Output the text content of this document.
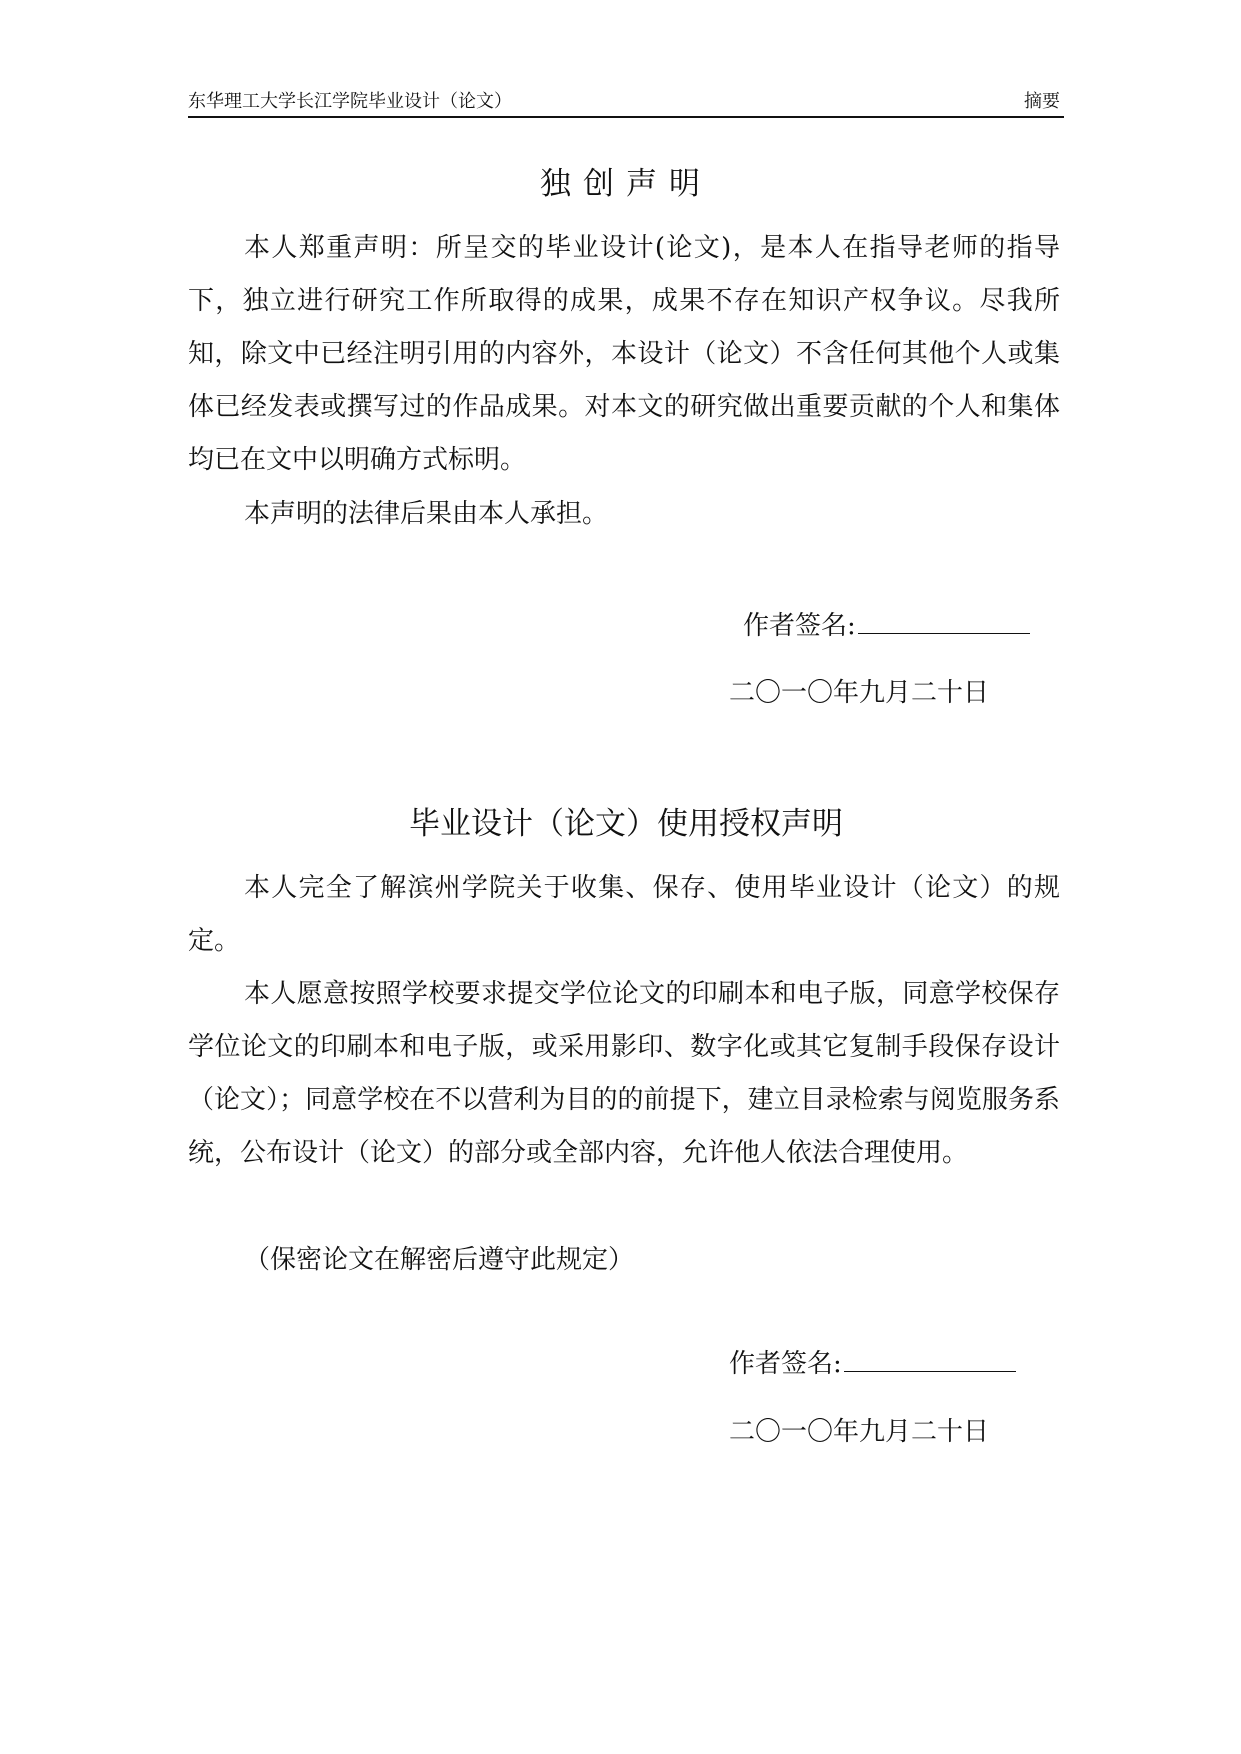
东华理工大学长江学院毕业设计（论文）	摘要
独创声明

本人郑重声明：所呈交的毕业设计(论文)，是本人在指导老师的指导下，独立进行研究工作所取得的成果，成果不存在知识产权争议。尽我所知，除文中已经注明引用的内容外，本设计（论文）不含任何其他个人或集体已经发表或撰写过的作品成果。对本文的研究做出重要贡献的个人和集体均已在文中以明确方式标明。

本声明的法律后果由本人承担。

作者签名:
二〇一〇年九月二十日
毕业设计（论文）使用授权声明

本人完全了解滨州学院关于收集、保存、使用毕业设计（论文）的规定。

本人愿意按照学校要求提交学位论文的印刷本和电子版，同意学校保存学位论文的印刷本和电子版，或采用影印、数字化或其它复制手段保存设计（论文）；同意学校在不以营利为目的的前提下，建立目录检索与阅览服务系统，公布设计（论文）的部分或全部内容，允许他人依法合理使用。

（保密论文在解密后遵守此规定）

作者签名:
二〇一〇年九月二十日
